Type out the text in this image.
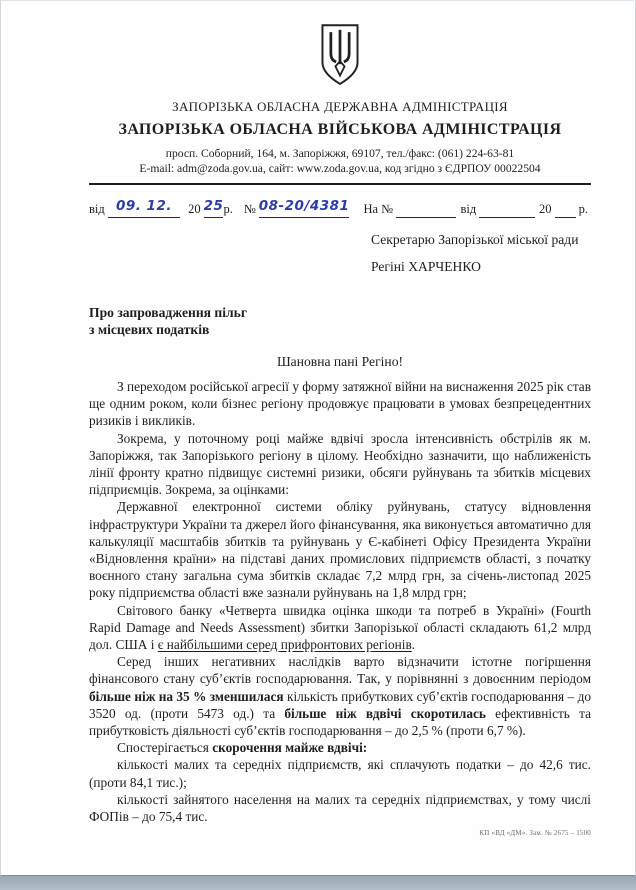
ЗАПОРІЗЬКА ОБЛАСНА ДЕРЖАВНА АДМІНІСТРАЦІЯ
ЗАПОРІЗЬКА ОБЛАСНА ВІЙСЬКОВА АДМІНІСТРАЦІЯ
просп. Соборний, 164, м. Запоріжжя, 69107, тел./факс: (061) 224-63-81
E-mail: adm@zoda.gov.ua, сайт: www.zoda.gov.ua, код згідно з ЄДРПОУ 00022504
від 09. 12.	20 25 р. № 08-20/4381 На №	від	20 р.
Секретарю Запорізької міської ради
Регіні ХАРЧЕНКО
Про запровадження пільг
з місцевих податків
Шановна пані Регіно!
З переходом російської агресії у форму затяжної війни на виснаження 2025 рік став ще одним роком, коли бізнес регіону продовжує працювати в умовах безпрецедентних ризиків і викликів.
Зокрема, у поточному році майже вдвічі зросла інтенсивність обстрілів як м. Запоріжжя, так Запорізького регіону в цілому. Необхідно зазначити, що наближеність лінії фронту кратно підвищує системні ризики, обсяги руйнувань та збитків місцевих підприємців. Зокрема, за оцінками:
Державної електронної системи обліку руйнувань, статусу відновлення інфраструктури України та джерел його фінансування, яка виконується автоматично для калькуляції масштабів збитків та руйнувань у Є-кабінеті Офісу Президента України «Відновлення країни» на підставі даних промислових підприємств області, з початку воєнного стану загальна сума збитків складає 7,2 млрд грн, за січень-листопад 2025 року підприємства області вже зазнали руйнувань на 1,8 млрд грн;
Світового банку «Четверта швидка оцінка шкоди та потреб в Україні» (Fourth Rapid Damage and Needs Assessment) збитки Запорізької області складають 61,2 млрд дол. США і є найбільшими серед прифронтових регіонів.
Серед інших негативних наслідків варто відзначити істотне погіршення фінансового стану суб’єктів господарювання. Так, у порівнянні з довоєнним періодом більше ніж на 35 % зменшилася кількість прибуткових суб’єктів господарювання – до 3520 од. (проти 5473 од.) та більше ніж вдвічі скоротилась ефективність та прибутковість діяльності суб’єктів господарювання – до 2,5 % (проти 6,7 %).
Спостерігається скорочення майже вдвічі:
кількості малих та середніх підприємств, які сплачують податки – до 42,6 тис. (проти 84,1 тис.);
кількості зайнятого населення на малих та середніх підприємствах, у тому числі ФОПів – до 75,4 тис.
КП «ВД «ДМ». Зам. № 2675 – 1500
